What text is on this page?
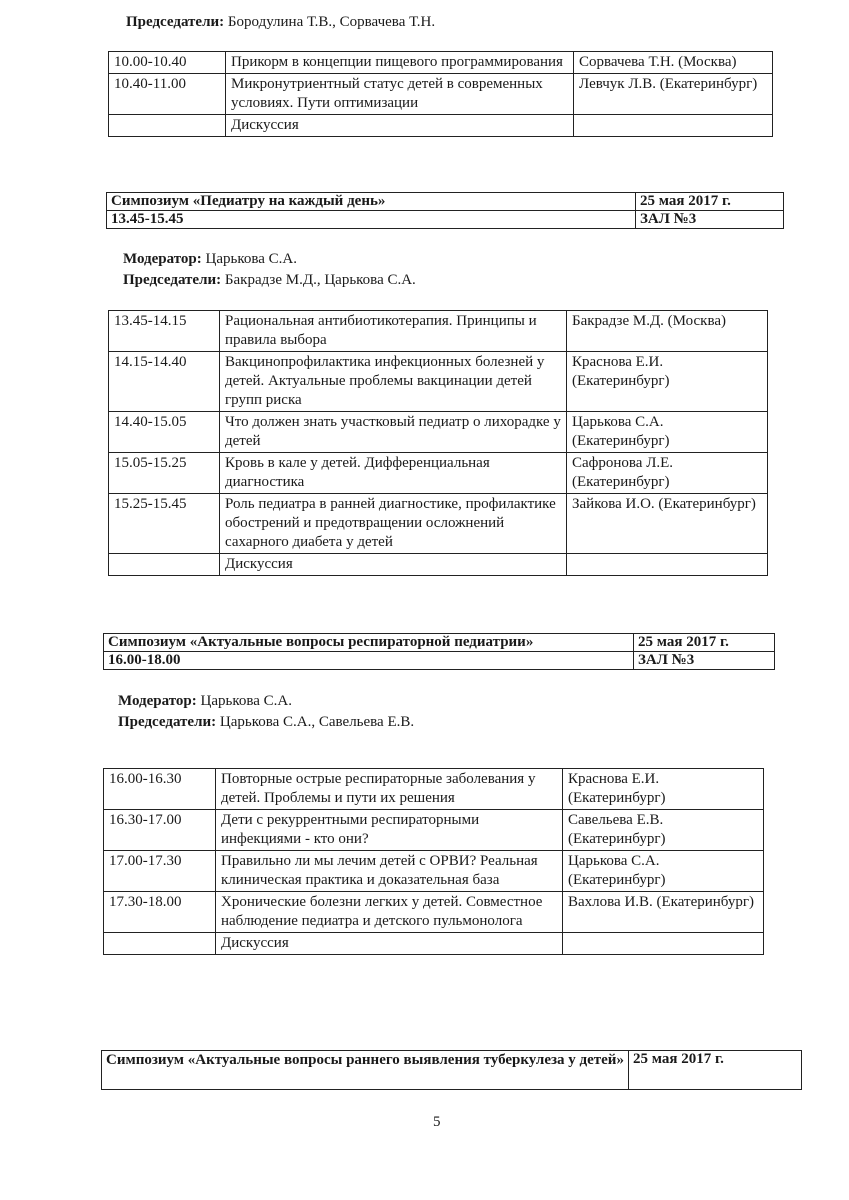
Председатели: Бородулина Т.В., Сорвачева Т.Н.
10.00-10.40	Прикорм в концепции пищевого программирования	Сорвачева Т.Н. (Москва)
10.40-11.00	Микронутриентный статус детей в современных условиях. Пути оптимизации	Левчук Л.В. (Екатеринбург)
	Дискуссия	
Симпозиум «Педиатру на каждый день»	25 мая 2017 г.
13.45-15.45	ЗАЛ №3
Модератор: Царькова С.А.
Председатели: Бакрадзе М.Д., Царькова С.А.
13.45-14.15	Рациональная антибиотикотерапия. Принципы и правила выбора	Бакрадзе М.Д. (Москва)
14.15-14.40	Вакцинопрофилактика инфекционных болезней у детей. Актуальные проблемы вакцинации детей групп риска	Краснова Е.И. (Екатеринбург)
14.40-15.05	Что должен знать участковый педиатр о лихорадке у детей	Царькова С.А. (Екатеринбург)
15.05-15.25	Кровь в кале у детей. Дифференциальная диагностика	Сафронова Л.Е. (Екатеринбург)
15.25-15.45	Роль педиатра в ранней диагностике, профилактике обострений и предотвращении осложнений сахарного диабета у детей	Зайкова И.О. (Екатеринбург)
	Дискуссия	
Симпозиум «Актуальные вопросы респираторной педиатрии»	25 мая 2017 г.
16.00-18.00	ЗАЛ №3
Модератор: Царькова С.А.
Председатели: Царькова С.А., Савельева Е.В.
16.00-16.30	Повторные острые респираторные заболевания у детей. Проблемы и пути их решения	Краснова Е.И. (Екатеринбург)
16.30-17.00	Дети с рекуррентными респираторными инфекциями - кто они?	Савельева Е.В. (Екатеринбург)
17.00-17.30	Правильно ли мы лечим детей с ОРВИ? Реальная клиническая практика и доказательная база	Царькова С.А. (Екатеринбург)
17.30-18.00	Хронические болезни легких у детей. Совместное наблюдение педиатра и детского пульмонолога	Вахлова И.В. (Екатеринбург)
	Дискуссия	
Симпозиум «Актуальные вопросы раннего выявления туберкулеза у детей»	25 мая 2017 г.
5
